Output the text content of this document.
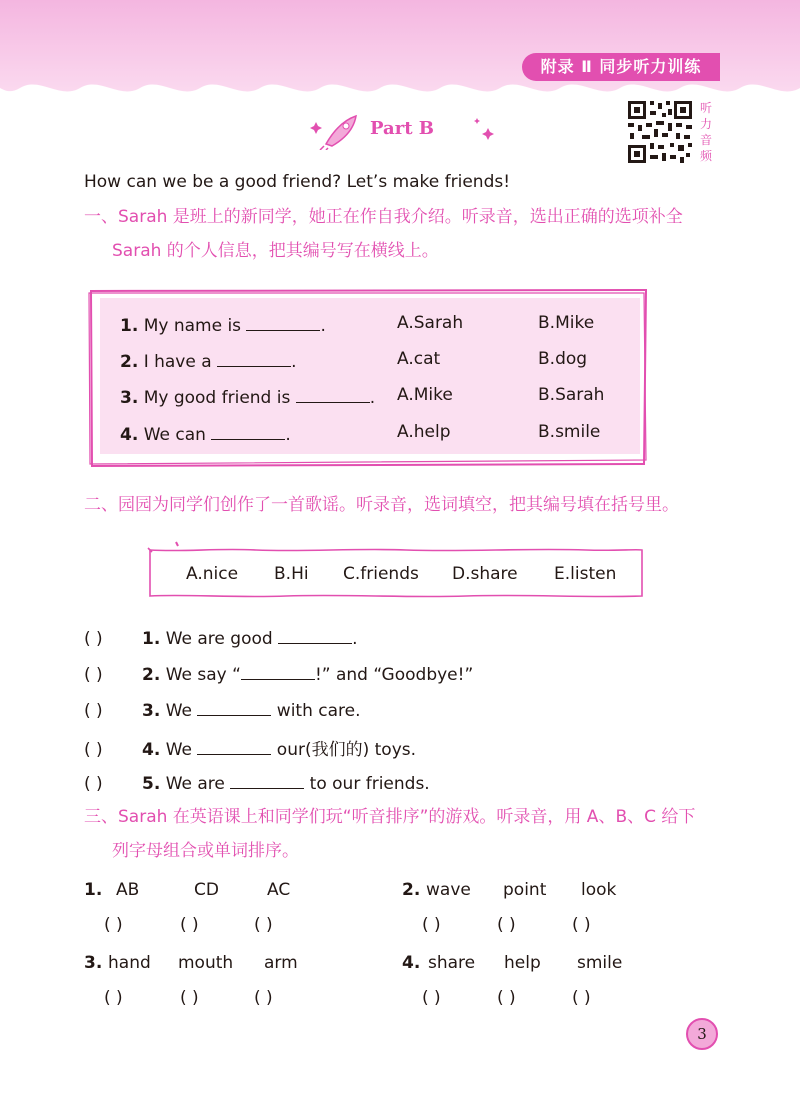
附录 Ⅱ 同步听力训练
Part B
听
力
音
频
How can we be a good friend? Let’s make friends!
一、Sarah 是班上的新同学，她正在作自我介绍。听录音，选出正确的选项补全
Sarah 的个人信息，把其编号写在横线上。
1. My name is	.	A.Sarah	B.Mike
2. I have a	.	A.cat	B.dog
3. My good friend is	. A.Mike	B.Sarah
4. We can	.	A.help	B.smile
二、园园为同学们创作了一首歌谣。听录音，选词填空，把其编号填在括号里。
A.nice B.Hi C.friends D.share E.listen
( ) 1. We are good	.
( ) 2. We say “	!” and “Goodbye!”
( ) 3. We	with care.
( ) 4. We	our(我们的) toys.
( ) 5. We are	to our friends.
三、Sarah 在英语课上和同学们玩“听音排序”的游戏。听录音，用 A、B、C 给下
列字母组合或单词排序。
1. AB	CD	AC
( )	( )	( )
2. wave point look
( )	( )	( )
3. hand mouth arm
( )	( )	( )
4. share help smile
( )	( )	( )
3
